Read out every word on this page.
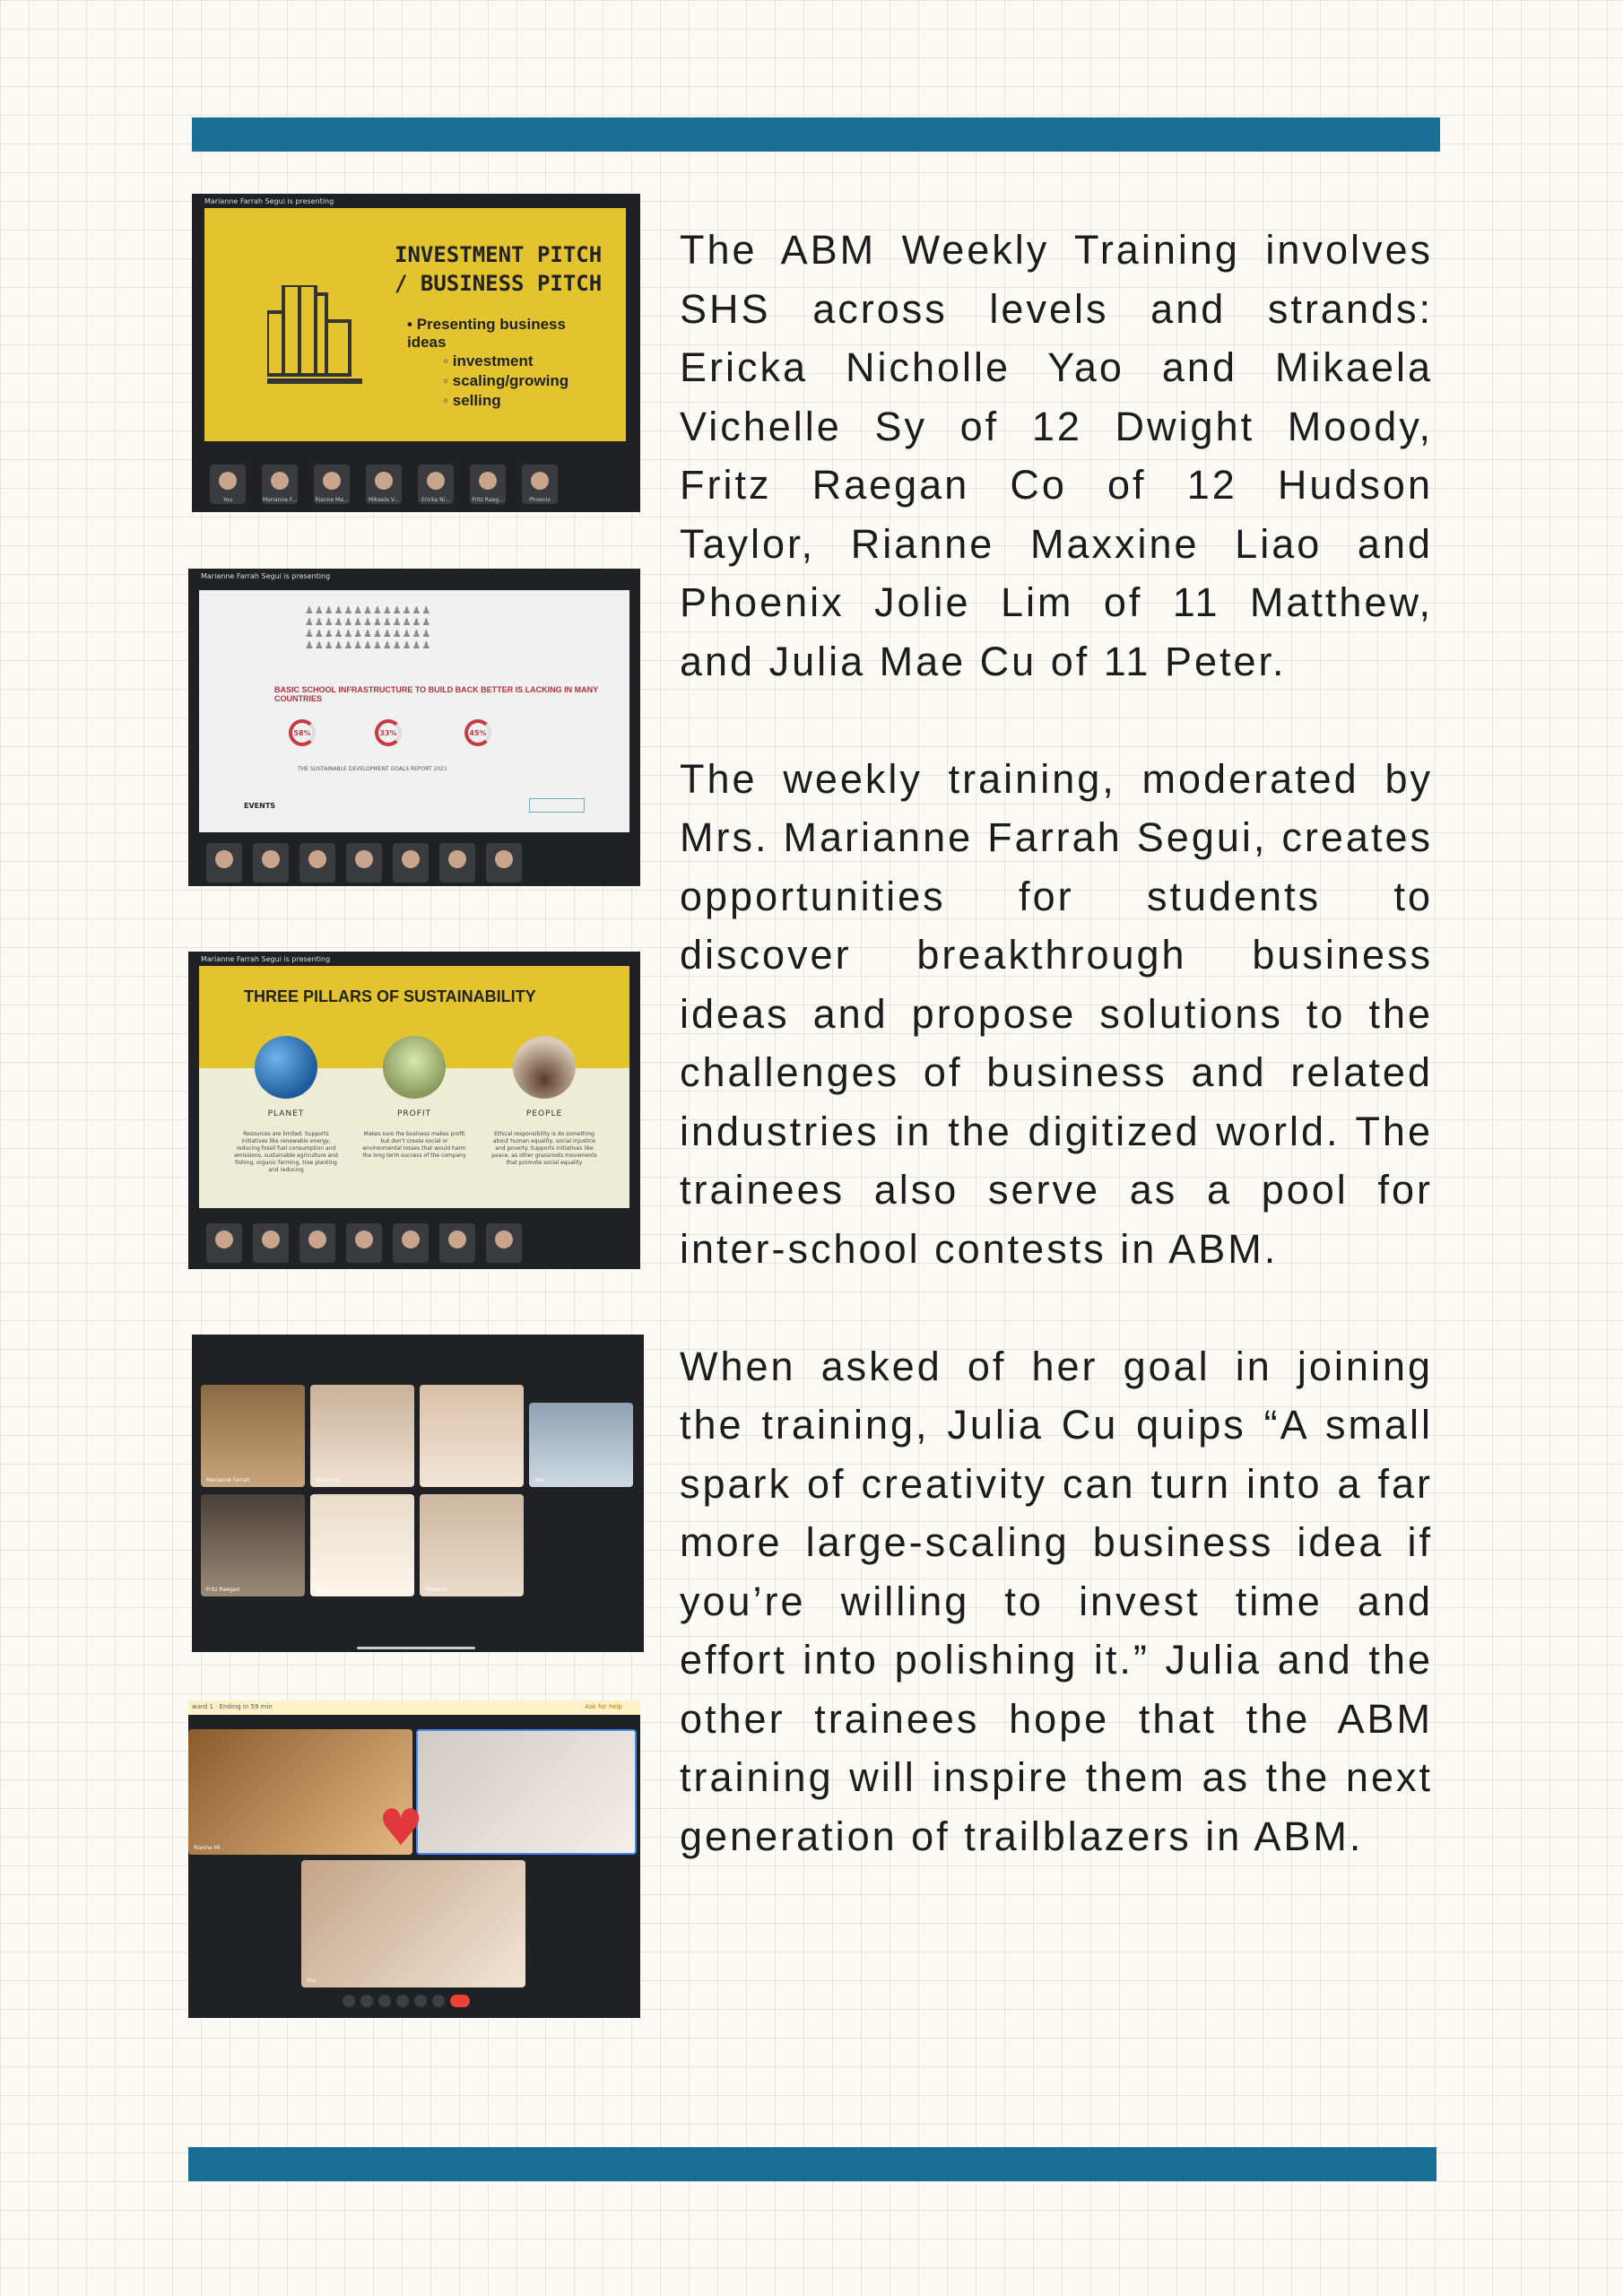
Marianne Farrah Segui is presenting
INVESTMENT PITCH
/ BUSINESS PITCH
• Presenting business ideas
◦ investment
◦ scaling/growing
◦ selling
You	Marianne F...	Rianne Ma...	Mikaela V...	Ericka Ni...	Fritz Raeg...	Phoenix
Marianne Farrah Segui is presenting
♟♟♟♟♟♟♟♟♟♟♟♟♟
♟♟♟♟♟♟♟♟♟♟♟♟♟
♟♟♟♟♟♟♟♟♟♟♟♟♟
♟♟♟♟♟♟♟♟♟♟♟♟♟
BASIC SCHOOL INFRASTRUCTURE TO BUILD BACK BETTER IS LACKING IN MANY COUNTRIES
58%	33%	45%
THE SUSTAINABLE DEVELOPMENT GOALS REPORT 2021
EVENTS
Marianne Farrah Segui is presenting
THREE PILLARS OF SUSTAINABILITY
PLANET
Resources are limited. Supports initiatives like renewable energy, reducing fossil fuel consumption and emissions, sustainable agriculture and fishing, organic farming, tree planting and reducing
PROFIT
Makes sure the business makes profit but don't create social or environmental losses that would harm the long term success of the company
PEOPLE
Ethical responsibility is do something about human equality, social injustice and poverty. Supports initiatives like peace, as other grassroots movements that promote social equality
Marianne Farrah	Ericka Ni...	You
Fritz Raegan	Lim	Phoenix
ward 1 · Ending in 59 min	Ask for help
Rianne Mi..
You
♥

The ABM Weekly Training involves SHS across levels and strands: Ericka Nicholle Yao and Mikaela Vichelle Sy of 12 Dwight Moody, Fritz Raegan Co of 12 Hudson Taylor, Rianne Maxxine Liao and Phoenix Jolie Lim of 11 Matthew, and Julia Mae Cu of 11 Peter.

The weekly training, moderated by Mrs. Marianne Farrah Segui, creates opportunities for students to discover breakthrough business ideas and propose solutions to the challenges of business and related industries in the digitized world. The trainees also serve as a pool for inter-school contests in ABM.

When asked of her goal in joining the training, Julia Cu quips “A small spark of creativity can turn into a far more large-scaling business idea if you’re willing to invest time and effort into polishing it.” Julia and the other trainees hope that the ABM training will inspire them as the next generation of trailblazers in ABM.
